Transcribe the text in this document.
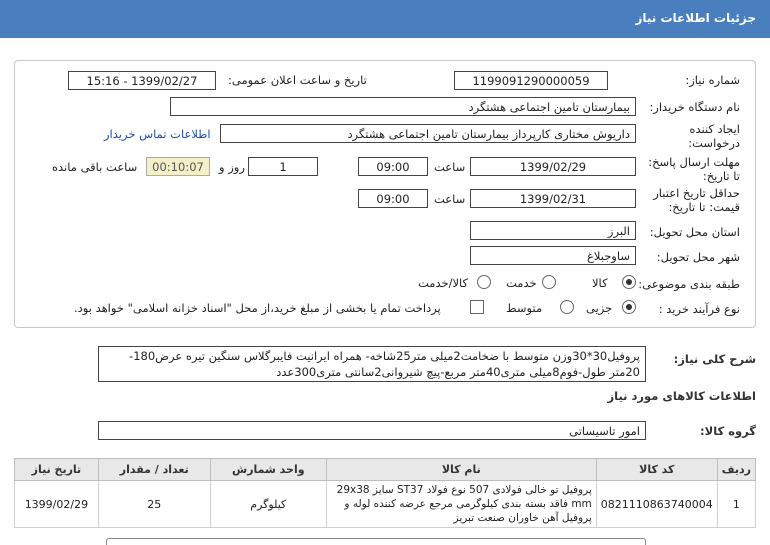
جزئیات اطلاعات نیاز
شماره نیاز:
1199091290000059
تاریخ و ساعت اعلان عمومی:
1399/02/27 - 15:16
نام دستگاه خریدار:
بیمارستان تامین اجتماعی هشتگرد
ایجاد کننده
درخواست:
داریوش مختاری کارپرداز بیمارستان تامین اجتماعی هشتگرد
اطلاعات تماس خریدار
مهلت ارسال پاسخ:
تا تاریخ:
1399/02/29
ساعت
09:00
1
روز و
00:10:07
ساعت باقی مانده
حداقل تاریخ اعتبار
قیمت: تا تاریخ:
1399/02/31
ساعت
09:00
استان محل تحویل:
البرز
شهر محل تحویل:
ساوجبلاغ
طبقه بندی موضوعی:
کالا
خدمت
کالا/خدمت
نوع فرآیند خرید :
جزیی
متوسط
پرداخت تمام یا بخشی از مبلغ خرید،از محل "اسناد خزانه اسلامی" خواهد بود.
شرح کلی نیاز:
پروفیل30*30وزن متوسط با ضخامت2میلی متر25شاخه- همراه ایرانیت فایبرگلاس سنگین تیره عرض180-20متر طول-فوم8میلی متری40متر مربع-پیچ شیروانی2سانتی متری300عدد
اطلاعات کالاهای مورد نیاز
گروه کالا:
امور تاسیساتی
ردیف	کد کالا	نام کالا	واحد شمارش	تعداد / مقدار	تاریخ نیاز
1	0821110863740004	پروفیل تو خالی فولادی 507 نوع فولاد ST37 سایز 29x38 mm فاقد بسته بندی کیلوگرمی مرجع عرضه کننده لوله و پروفیل آهن خاوران صنعت تبریز	کیلوگرم	25	1399/02/29
